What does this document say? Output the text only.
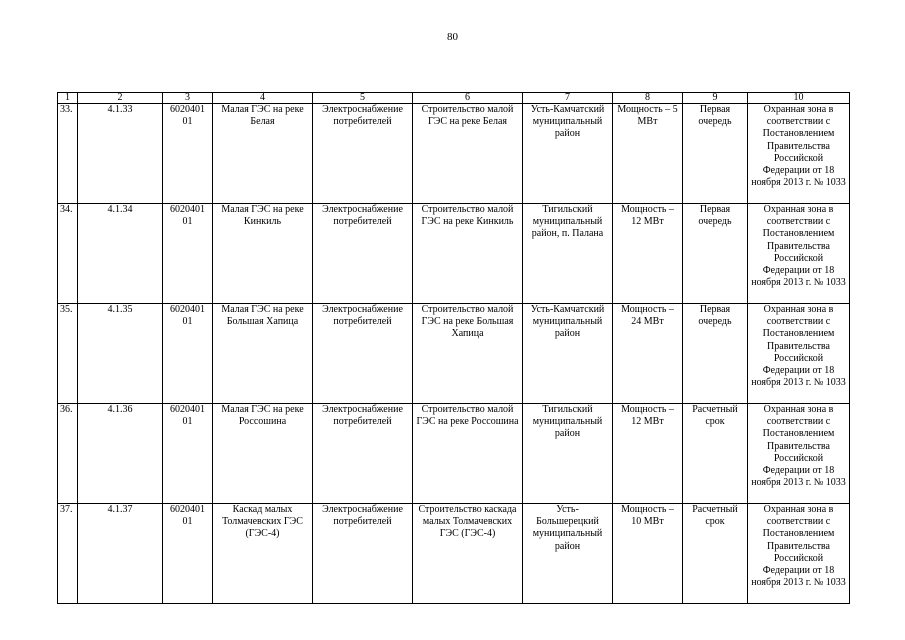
80
1	2	3	4	5	6	7	8	9	10
33.	4.1.33	6020401 01	Малая ГЭС на реке Белая	Электроснабжение потребителей	Строительство малой ГЭС на реке Белая	Усть-Камчатский муниципальный район	Мощность – 5 МВт	Первая очередь	Охранная зона в соответствии с Постановлением Правительства Российской Федерации от 18 ноября 2013 г. № 1033
34.	4.1.34	6020401 01	Малая ГЭС на реке Кинкиль	Электроснабжение потребителей	Строительство малой ГЭС на реке Кинкиль	Тигильский муниципальный район, п. Палана	Мощность – 12 МВт	Первая очередь	Охранная зона в соответствии с Постановлением Правительства Российской Федерации от 18 ноября 2013 г. № 1033
35.	4.1.35	6020401 01	Малая ГЭС на реке Большая Хапица	Электроснабжение потребителей	Строительство малой ГЭС на реке Большая Хапица	Усть-Камчатский муниципальный район	Мощность – 24 МВт	Первая очередь	Охранная зона в соответствии с Постановлением Правительства Российской Федерации от 18 ноября 2013 г. № 1033
36.	4.1.36	6020401 01	Малая ГЭС на реке Россошина	Электроснабжение потребителей	Строительство малой ГЭС на реке Россошина	Тигильский муниципальный район	Мощность – 12 МВт	Расчетный срок	Охранная зона в соответствии с Постановлением Правительства Российской Федерации от 18 ноября 2013 г. № 1033
37.	4.1.37	6020401 01	Каскад малых Толмачевских ГЭС (ГЭС-4)	Электроснабжение потребителей	Строительство каскада малых Толмачевских ГЭС (ГЭС-4)	Усть-Большерецкий муниципальный район	Мощность – 10 МВт	Расчетный срок	Охранная зона в соответствии с Постановлением Правительства Российской Федерации от 18 ноября 2013 г. № 1033
